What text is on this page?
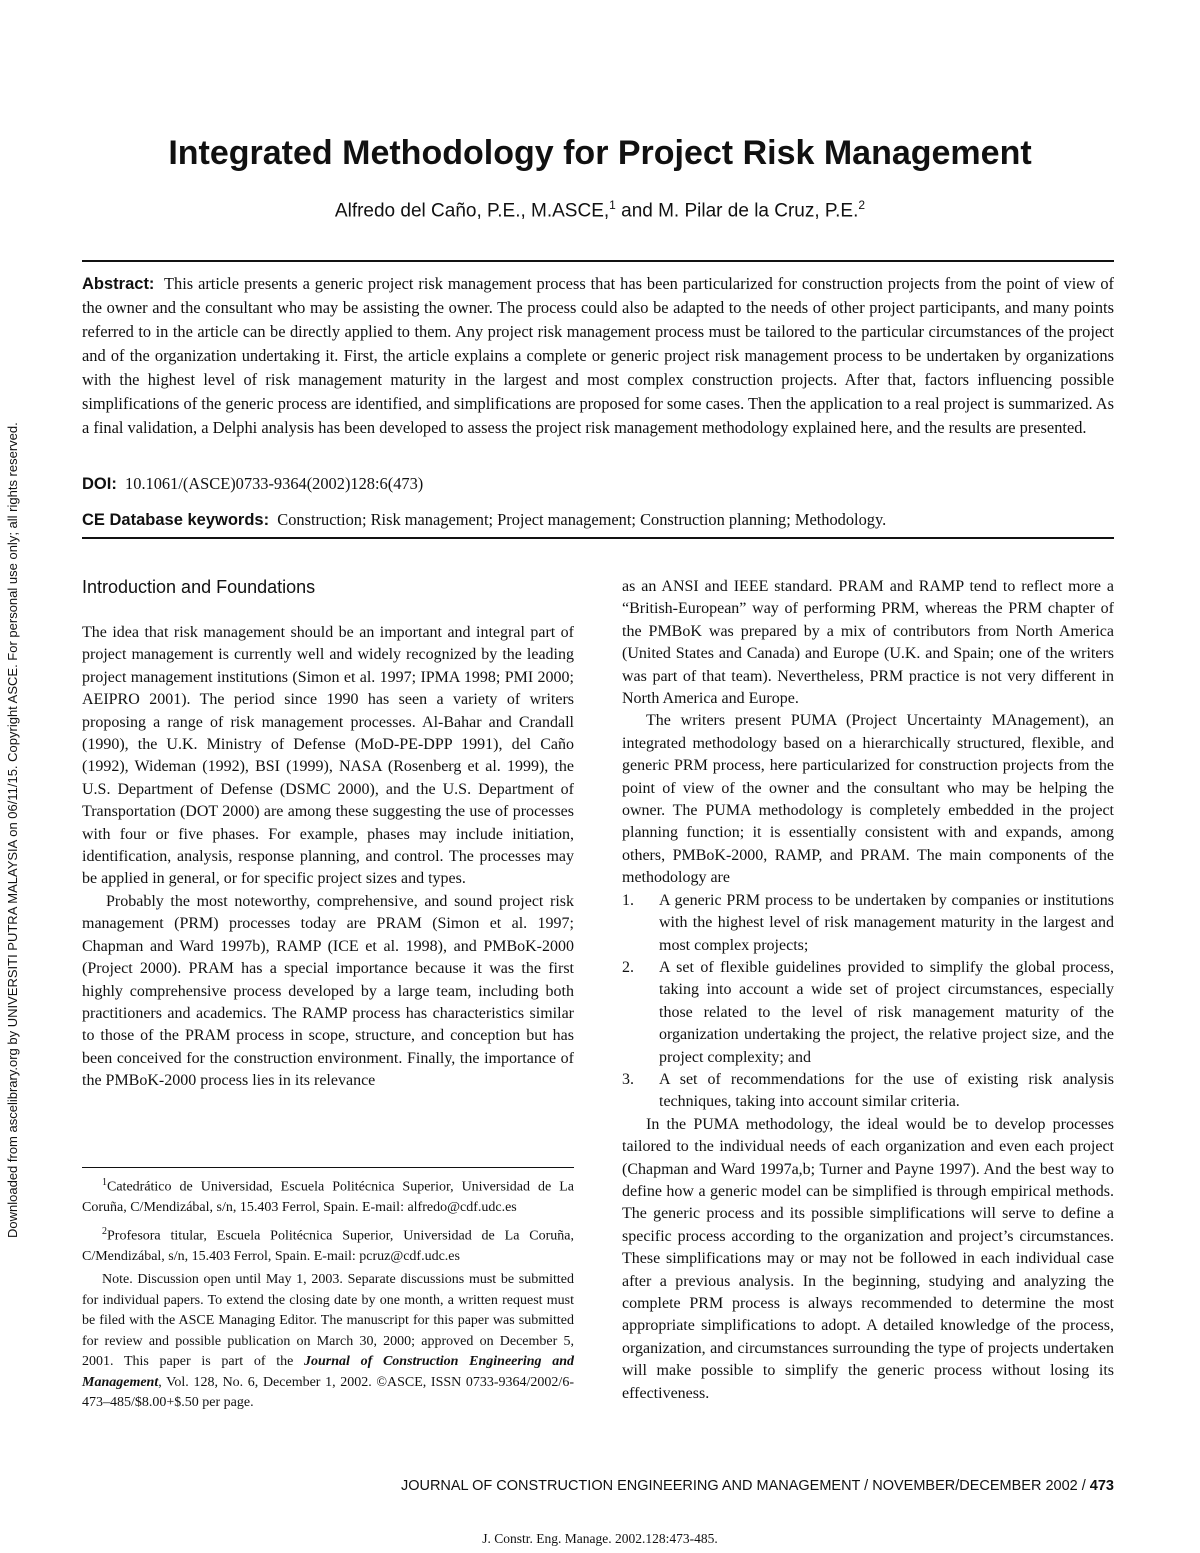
Downloaded from ascelibrary.org by UNIVERSITI PUTRA MALAYSIA on 06/11/15. Copyright ASCE. For personal use only; all rights reserved.
Integrated Methodology for Project Risk Management
Alfredo del Caño, P.E., M.ASCE,$^1$ and M. Pilar de la Cruz, P.E.$^2$

Abstract: This article presents a generic project risk management process that has been particularized for construction projects from the point of view of the owner and the consultant who may be assisting the owner. The process could also be adapted to the needs of other project participants, and many points referred to in the article can be directly applied to them. Any project risk management process must be tailored to the particular circumstances of the project and of the organization undertaking it. First, the article explains a complete or generic project risk management process to be undertaken by organizations with the highest level of risk management maturity in the largest and most complex construction projects. After that, factors influencing possible simplifications of the generic process are identified, and simplifications are proposed for some cases. Then the application to a real project is summarized. As a final validation, a Delphi analysis has been developed to assess the project risk management methodology explained here, and the results are presented.

DOI: 10.1061/(ASCE)0733-9364(2002)128:6(473)
CE Database keywords: Construction; Risk management; Project management; Construction planning; Methodology.
Introduction and Foundations

The idea that risk management should be an important and integral part of project management is currently well and widely recognized by the leading project management institutions (Simon et al. 1997; IPMA 1998; PMI 2000; AEIPRO 2001). The period since 1990 has seen a variety of writers proposing a range of risk management processes. Al-Bahar and Crandall (1990), the U.K. Ministry of Defense (MoD-PE-DPP 1991), del Caño (1992), Wideman (1992), BSI (1999), NASA (Rosenberg et al. 1999), the U.S. Department of Defense (DSMC 2000), and the U.S. Department of Transportation (DOT 2000) are among these suggesting the use of processes with four or five phases. For example, phases may include initiation, identification, analysis, response planning, and control. The processes may be applied in general, or for specific project sizes and types.

Probably the most noteworthy, comprehensive, and sound project risk management (PRM) processes today are PRAM (Simon et al. 1997; Chapman and Ward 1997b), RAMP (ICE et al. 1998), and PMBoK-2000 (Project 2000). PRAM has a special importance because it was the first highly comprehensive process developed by a large team, including both practitioners and academics. The RAMP process has characteristics similar to those of the PRAM process in scope, structure, and conception but has been conceived for the construction environment. Finally, the importance of the PMBoK-2000 process lies in its relevance

$^1$Catedrático de Universidad, Escuela Politécnica Superior, Universidad de La Coruña, C/Mendizábal, s/n, 15.403 Ferrol, Spain. E-mail: alfredo@cdf.udc.es

$^2$Profesora titular, Escuela Politécnica Superior, Universidad de La Coruña, C/Mendizábal, s/n, 15.403 Ferrol, Spain. E-mail: pcruz@cdf.udc.es

Note. Discussion open until May 1, 2003. Separate discussions must be submitted for individual papers. To extend the closing date by one month, a written request must be filed with the ASCE Managing Editor. The manuscript for this paper was submitted for review and possible publication on March 30, 2000; approved on December 5, 2001. This paper is part of the Journal of Construction Engineering and Management, Vol. 128, No. 6, December 1, 2002. ©ASCE, ISSN 0733-9364/2002/6-473–485/$8.00+$.50 per page.

as an ANSI and IEEE standard. PRAM and RAMP tend to reflect more a “British-European” way of performing PRM, whereas the PRM chapter of the PMBoK was prepared by a mix of contributors from North America (United States and Canada) and Europe (U.K. and Spain; one of the writers was part of that team). Nevertheless, PRM practice is not very different in North America and Europe.

The writers present PUMA (Project Uncertainty MAnagement), an integrated methodology based on a hierarchically structured, flexible, and generic PRM process, here particularized for construction projects from the point of view of the owner and the consultant who may be helping the owner. The PUMA methodology is completely embedded in the project planning function; it is essentially consistent with and expands, among others, PMBoK-2000, RAMP, and PRAM. The main components of the methodology are

1.	A generic PRM process to be undertaken by companies or institutions with the highest level of risk management maturity in the largest and most complex projects;
2.	A set of flexible guidelines provided to simplify the global process, taking into account a wide set of project circumstances, especially those related to the level of risk management maturity of the organization undertaking the project, the relative project size, and the project complexity; and
3.	A set of recommendations for the use of existing risk analysis techniques, taking into account similar criteria.

In the PUMA methodology, the ideal would be to develop processes tailored to the individual needs of each organization and even each project (Chapman and Ward 1997a,b; Turner and Payne 1997). And the best way to define how a generic model can be simplified is through empirical methods. The generic process and its possible simplifications will serve to define a specific process according to the organization and project’s circumstances. These simplifications may or may not be followed in each individual case after a previous analysis. In the beginning, studying and analyzing the complete PRM process is always recommended to determine the most appropriate simplifications to adopt. A detailed knowledge of the process, organization, and circumstances surrounding the type of projects undertaken will make possible to simplify the generic process without losing its effectiveness.

JOURNAL OF CONSTRUCTION ENGINEERING AND MANAGEMENT / NOVEMBER/DECEMBER 2002 / 473
J. Constr. Eng. Manage. 2002.128:473-485.
